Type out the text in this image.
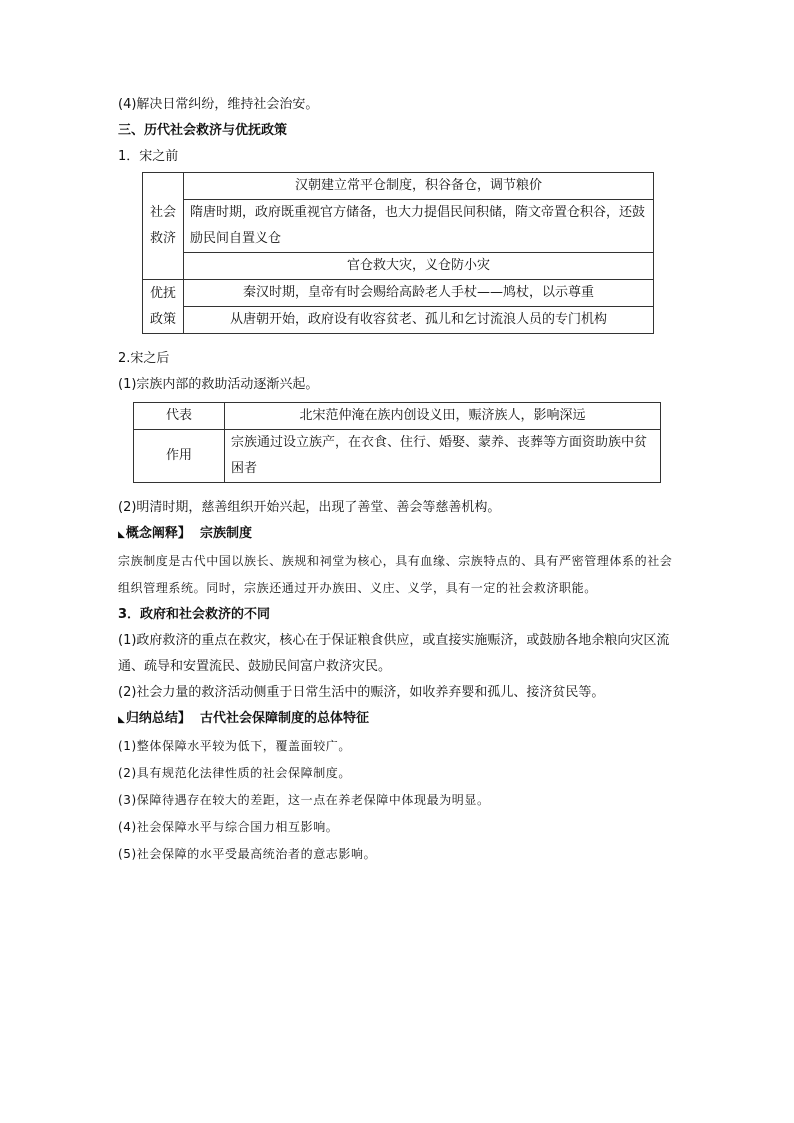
(4)解决日常纠纷，维持社会治安。

三、历代社会救济与优抚政策

1．宋之前

社会救济	汉朝建立常平仓制度，积谷备仓，调节粮价
	隋唐时期，政府既重视官方储备，也大力提倡民间积储，隋文帝置仓积谷，还鼓励民间自置义仓
	官仓救大灾，义仓防小灾
优抚政策	秦汉时期，皇帝有时会赐给高龄老人手杖——鸠杖，以示尊重
	从唐朝开始，政府设有收容贫老、孤儿和乞讨流浪人员的专门机构

2.宋之后

(1)宗族内部的救助活动逐渐兴起。

代表	北宋范仲淹在族内创设义田，赈济族人，影响深远
作用	宗族通过设立族产，在衣食、住行、婚娶、蒙养、丧葬等方面资助族中贫困者

(2)明清时期，慈善组织开始兴起，出现了善堂、善会等慈善机构。

◣概念阐释】 宗族制度

宗族制度是古代中国以族长、族规和祠堂为核心，具有血缘、宗族特点的、具有严密管理体系的社会组织管理系统。同时，宗族还通过开办族田、义庄、义学，具有一定的社会救济职能。

3．政府和社会救济的不同

(1)政府救济的重点在救灾，核心在于保证粮食供应，或直接实施赈济，或鼓励各地余粮向灾区流通、疏导和安置流民、鼓励民间富户救济灾民。

(2)社会力量的救济活动侧重于日常生活中的赈济，如收养弃婴和孤儿、接济贫民等。

◣归纳总结】 古代社会保障制度的总体特征

(1)整体保障水平较为低下，覆盖面较广。

(2)具有规范化法律性质的社会保障制度。

(3)保障待遇存在较大的差距，这一点在养老保障中体现最为明显。

(4)社会保障水平与综合国力相互影响。

(5)社会保障的水平受最高统治者的意志影响。
